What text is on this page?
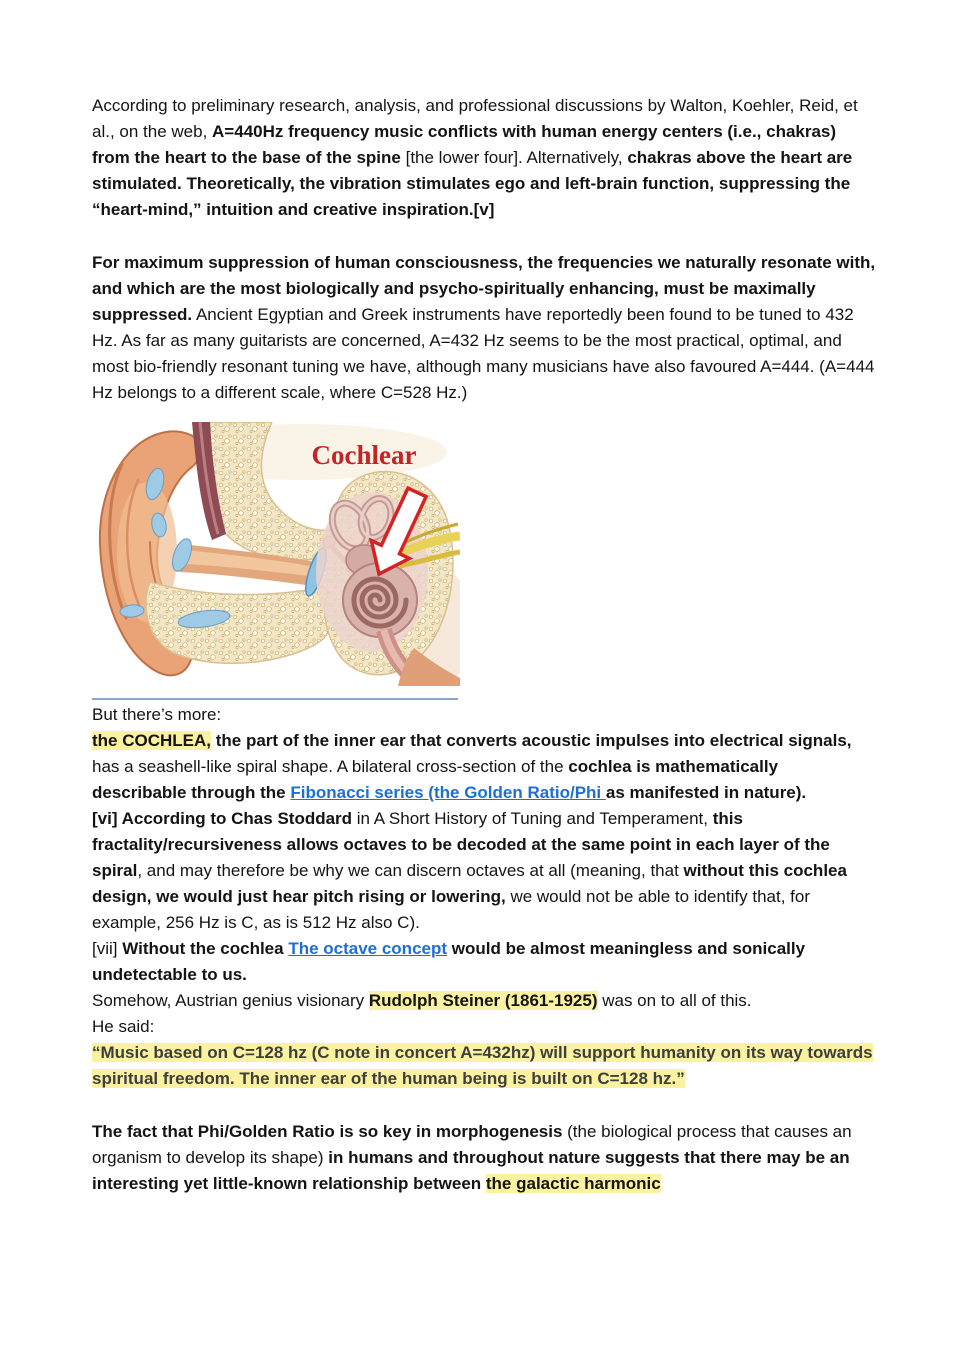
According to preliminary research, analysis, and professional discussions by Walton, Koehler, Reid, et al., on the web, A=440Hz frequency music conflicts with human energy centers (i.e., chakras) from the heart to the base of the spine [the lower four]. Alternatively, chakras above the heart are stimulated. Theoretically, the vibration stimulates ego and left-brain function, suppressing the “heart-mind,” intuition and creative inspiration.[v]

For maximum suppression of human consciousness, the frequencies we naturally resonate with, and which are the most biologically and psycho-spiritually enhancing, must be maximally suppressed. Ancient Egyptian and Greek instruments have reportedly been found to be tuned to 432 Hz. As far as many guitarists are concerned, A=432 Hz seems to be the most practical, optimal, and most bio-friendly resonant tuning we have, although many musicians have also favoured A=444. (A=444 Hz belongs to a different scale, where C=528 Hz.)

Cochlear

But there’s more:

the COCHLEA, the part of the inner ear that converts acoustic impulses into electrical signals, has a seashell-like spiral shape. A bilateral cross-section of the cochlea is mathematically describable through the Fibonacci series (the Golden Ratio/Phi as manifested in nature).

[vi] According to Chas Stoddard in A Short History of Tuning and Temperament, this fractality/recursiveness allows octaves to be decoded at the same point in each layer of the spiral, and may therefore be why we can discern octaves at all (meaning, that without this cochlea design, we would just hear pitch rising or lowering, we would not be able to identify that, for example, 256 Hz is C, as is 512 Hz also C).

[vii] Without the cochlea The octave concept would be almost meaningless and sonically undetectable to us.

Somehow, Austrian genius visionary Rudolph Steiner (1861-1925) was on to all of this.

He said:

“Music based on C=128 hz (C note in concert A=432hz) will support humanity on its way towards spiritual freedom. The inner ear of the human being is built on C=128 hz.”

The fact that Phi/Golden Ratio is so key in morphogenesis (the biological process that causes an organism to develop its shape) in humans and throughout nature suggests that there may be an interesting yet little-known relationship between the galactic harmonic
